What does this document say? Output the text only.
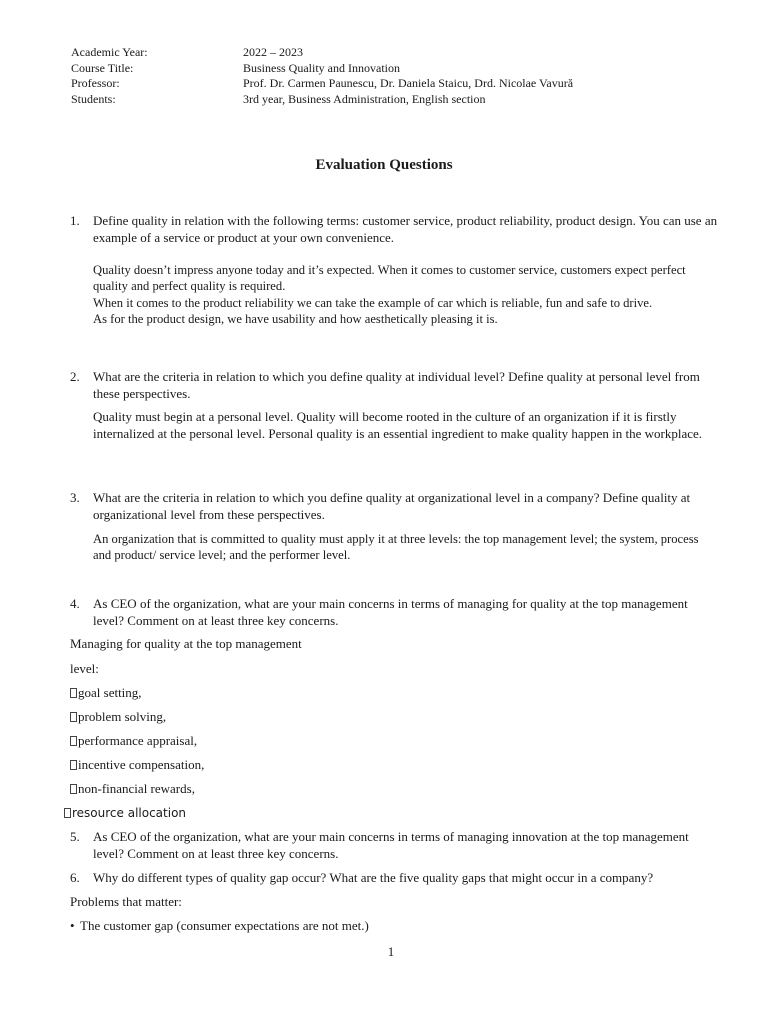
Academic Year:	2022 – 2023
Course Title:	Business Quality and Innovation
Professor:	Prof. Dr. Carmen Paunescu, Dr. Daniela Staicu, Drd. Nicolae Vavură
Students:	3rd year, Business Administration, English section
Evaluation Questions
1.	Define quality in relation with the following terms: customer service, product reliability, product design. You can use an example of a service or product at your own convenience.
Quality doesn’t impress anyone today and it’s expected. When it comes to customer service, customers expect perfect quality and perfect quality is required.
When it comes to the product reliability we can take the example of car which is reliable, fun and safe to drive.
As for the product design, we have usability and how aesthetically pleasing it is.
2.	What are the criteria in relation to which you define quality at individual level? Define quality at personal level from these perspectives.
Quality must begin at a personal level. Quality will become rooted in the culture of an organization if it is firstly internalized at the personal level. Personal quality is an essential ingredient to make quality happen in the workplace.
3.	What are the criteria in relation to which you define quality at organizational level in a company? Define quality at organizational level from these perspectives.
An organization that is committed to quality must apply it at three levels: the top management level; the system, process and product/ service level; and the performer level.
4.	As CEO of the organization, what are your main concerns in terms of managing for quality at the top management level? Comment on at least three key concerns.
Managing for quality at the top management
level:
goal setting,
problem solving,
performance appraisal,
incentive compensation,
non-financial rewards,
resource allocation
5.	As CEO of the organization, what are your main concerns in terms of managing innovation at the top management level? Comment on at least three key concerns.
6.	Why do different types of quality gap occur? What are the five quality gaps that might occur in a company?
Problems that matter:
• The customer gap (consumer expectations are not met.)
1
